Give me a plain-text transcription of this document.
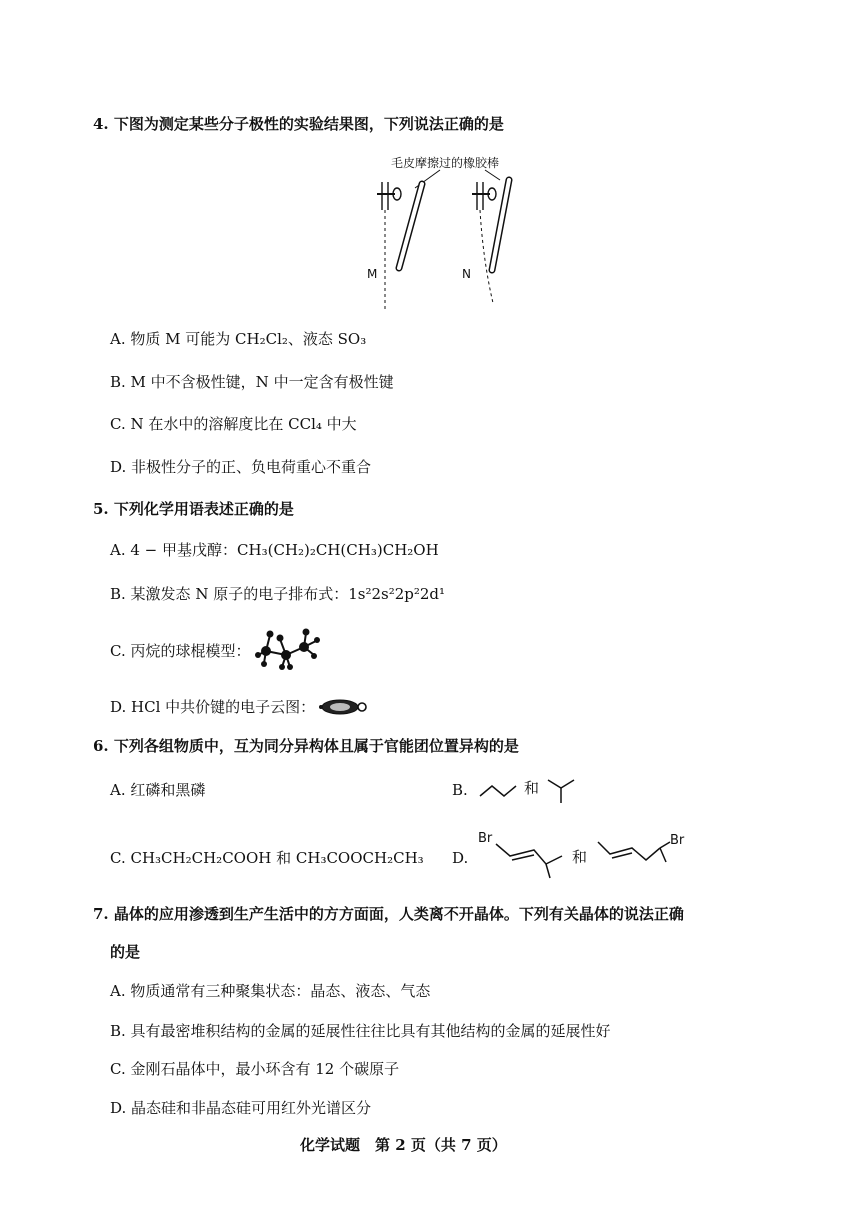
4. 下图为测定某些分子极性的实验结果图，下列说法正确的是
毛皮摩擦过的橡胶棒
M	N
A. 物质 M 可能为 CH₂Cl₂、液态 SO₃
B. M 中不含极性键，N 中一定含有极性键
C. N 在水中的溶解度比在 CCl₄ 中大
D. 非极性分子的正、负电荷重心不重合
5. 下列化学用语表述正确的是
A. 4 − 甲基戊醇：CH₃(CH₂)₂CH(CH₃)CH₂OH
B. 某激发态 N 原子的电子排布式：1s²2s²2p²2d¹
C. 丙烷的球棍模型：
D. HCl 中共价键的电子云图：
6. 下列各组物质中，互为同分异构体且属于官能团位置异构的是
A. 红磷和黑磷	B.	和
C. CH₃CH₂CH₂COOH 和 CH₃COOCH₂CH₃ D.
Br
和
Br
7. 晶体的应用渗透到生产生活中的方方面面，人类离不开晶体。下列有关晶体的说法正确
的是
A. 物质通常有三种聚集状态：晶态、液态、气态
B. 具有最密堆积结构的金属的延展性往往比具有其他结构的金属的延展性好
C. 金刚石晶体中，最小环含有 12 个碳原子
D. 晶态硅和非晶态硅可用红外光谱区分
化学试题　第 2 页（共 7 页）
